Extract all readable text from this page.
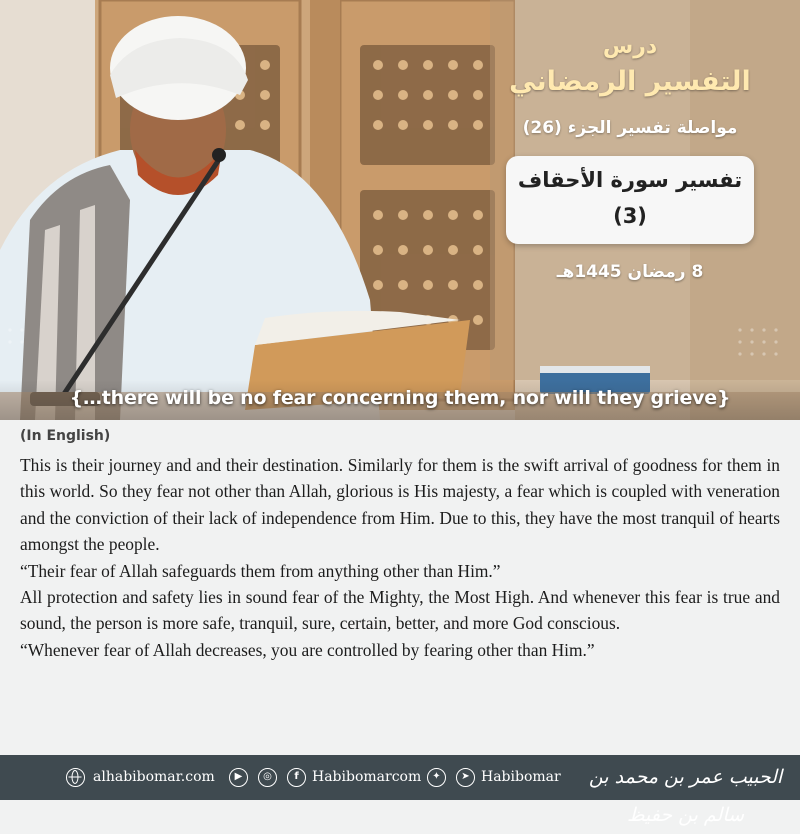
درس
التفسير الرمضاني
مواصلة تفسير الجزء (26)
تفسير سورة الأحقاف
(3)
8 رمضان 1445هـ
{…there will be no fear concerning them, nor will they grieve}
(In English)

This is their journey and and their destination. Similarly for them is the swift arrival of goodness for them in this world. So they fear not other than Allah, glorious is His majesty, a fear which is coupled with veneration and the conviction of their lack of independence from Him. Due to this, they have the most tranquil of hearts amongst the people.

“Their fear of Allah safeguards them from anything other than Him.”

All protection and safety lies in sound fear of the Mighty, the Most High. And whenever this fear is true and sound, the person is more safe, tranquil, sure, certain, better, and more God conscious.

“Whenever fear of Allah decreases, you are controlled by fearing other than Him.”

alhabibomar.com	▶	◎	f Habibomarcom	✦	➤ Habibomar الحبيب عمر بن محمد بن سالم بن حفيظ
